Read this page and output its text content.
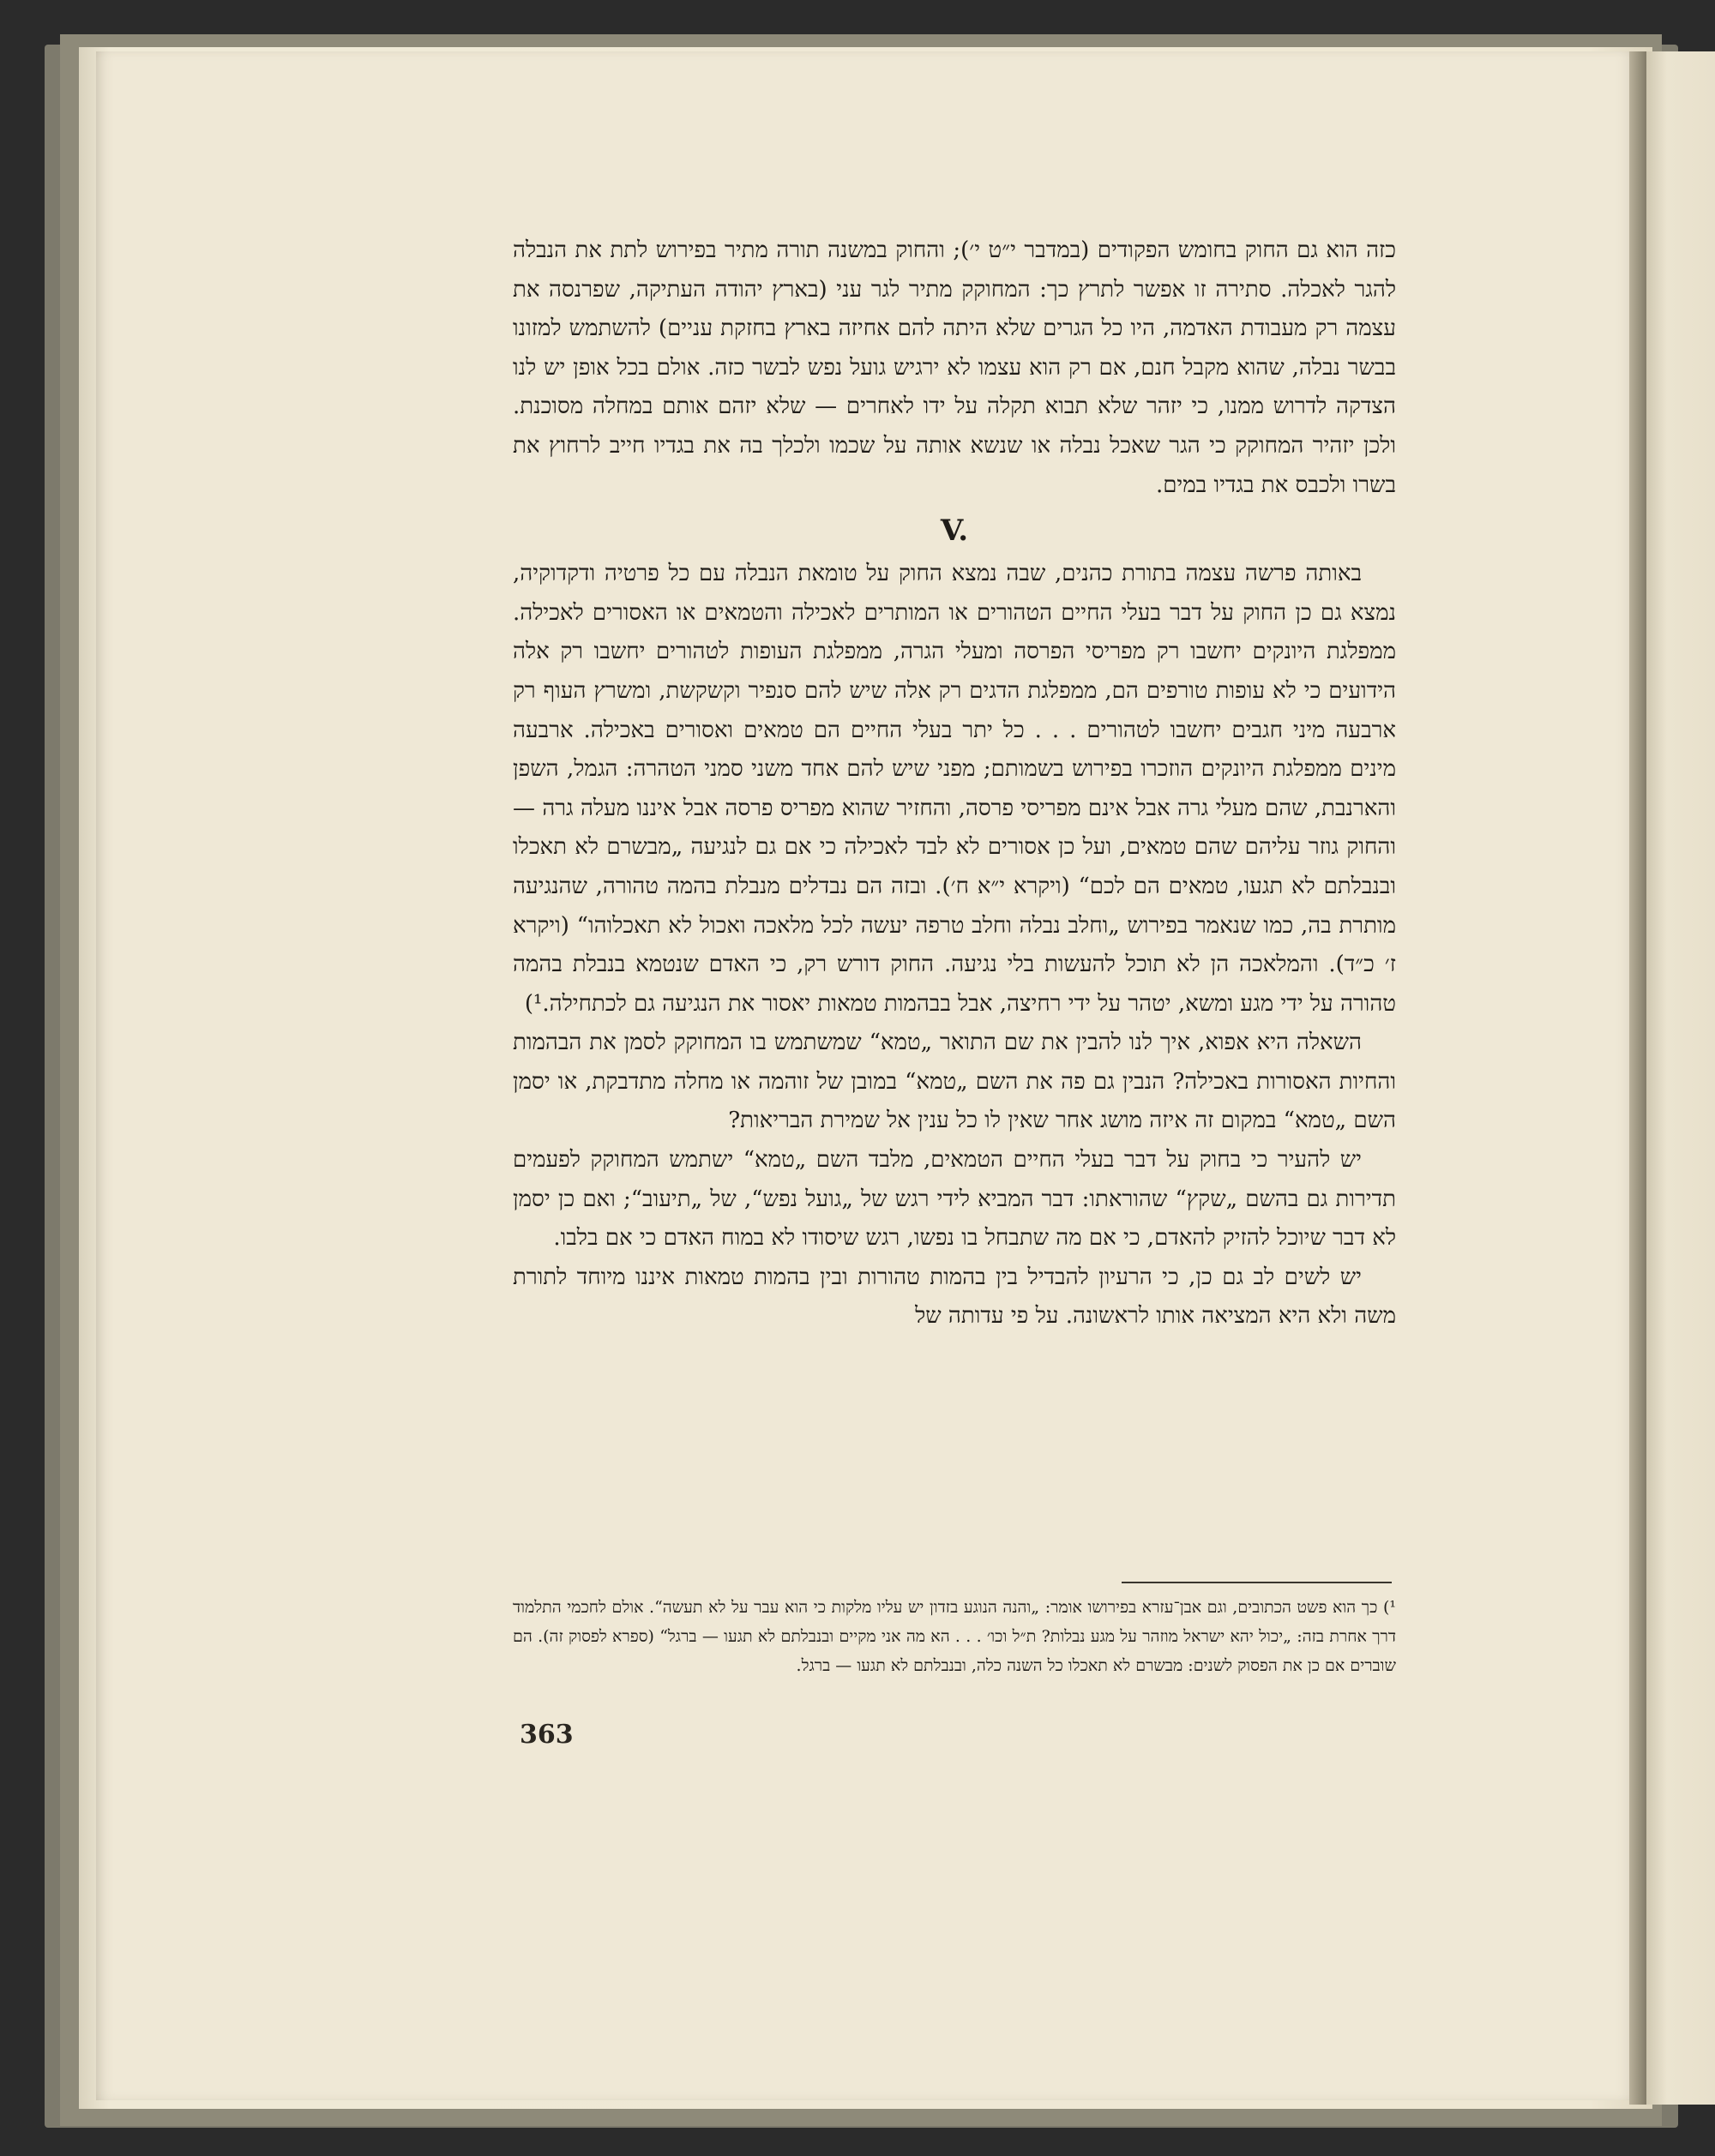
כזה הוא גם החוק בחומש הפקודים (במדבר י״ט י׳); והחוק במשנה תורה מתיר בפירוש לתת את הנבלה להגר לאכלה. סתירה זו אפשר לתרץ כך: המחוקק מתיר לגר עני (בארץ יהודה העתיקה, שפרנסה את עצמה רק מעבודת האדמה, היו כל הגרים שלא היתה להם אחיזה בארץ בחזקת עניים) להשתמש למזונו בבשר נבלה, שהוא מקבל חנם, אם רק הוא עצמו לא ירגיש גועל נפש לבשר כזה. אולם בכל אופן יש לנו הצדקה לדרוש ממנו, כי יזהר שלא תבוא תקלה על ידו לאחרים — שלא יזהם אותם במחלה מסוכנת. ולכן יזהיר המחוקק כי הגר שאכל נבלה או שנשא אותה על שכמו ולכלך בה את בגדיו חייב לרחוץ את בשרו ולכבס את בגדיו במים.

V.

באותה פרשה עצמה בתורת כהנים, שבה נמצא החוק על טומאת הנבלה עם כל פרטיה ודקדוקיה, נמצא גם כן החוק על דבר בעלי החיים הטהורים או המותרים לאכילה והטמאים או האסורים לאכילה. ממפלגת היונקים יחשבו רק מפריסי הפרסה ומעלי הגרה, ממפלגת העופות לטהורים יחשבו רק אלה הידועים כי לא עופות טורפים הם, ממפלגת הדגים רק אלה שיש להם סנפיר וקשקשת, ומשרץ העוף רק ארבעה מיני חגבים יחשבו לטהורים . . . כל יתר בעלי החיים הם טמאים ואסורים באכילה. ארבעה מינים ממפלגת היונקים הוזכרו בפירוש בשמותם; מפני שיש להם אחד משני סמני הטהרה: הגמל, השפן והארנבת, שהם מעלי גרה אבל אינם מפריסי פרסה, והחזיר שהוא מפריס פרסה אבל איננו מעלה גרה — והחוק גוזר עליהם שהם טמאים, ועל כן אסורים לא לבד לאכילה כי אם גם לנגיעה „מבשרם לא תאכלו ובנבלתם לא תגעו, טמאים הם לכם“ (ויקרא י״א ח׳). ובזה הם נבדלים מנבלת בהמה טהורה, שהנגיעה מותרת בה, כמו שנאמר בפירוש „וחלב נבלה וחלב טרפה יעשה לכל מלאכה ואכול לא תאכלוהו“ (ויקרא ז׳ כ״ד). והמלאכה הן לא תוכל להעשות בלי נגיעה. החוק דורש רק, כי האדם שנטמא בנבלת בהמה טהורה על ידי מגע ומשא, יטהר על ידי רחיצה, אבל בבהמות טמאות יאסור את הנגיעה גם לכתחילה.¹)

השאלה היא אפוא, איך לנו להבין את שם התואר „טמא“ שמשתמש בו המחוקק לסמן את הבהמות והחיות האסורות באכילה? הנבין גם פה את השם „טמא“ במובן של זוהמה או מחלה מתדבקת, או יסמן השם „טמא“ במקום זה איזה מושג אחר שאין לו כל ענין אל שמירת הבריאות?

יש להעיר כי בחוק על דבר בעלי החיים הטמאים, מלבד השם „טמא“ ישתמש המחוקק לפעמים תדירות גם בהשם „שקץ“ שהוראתו: דבר המביא לידי רגש של „גועל נפש“, של „תיעוב“; ואם כן יסמן לא דבר שיוכל להזיק להאדם, כי אם מה שתבחל בו נפשו, רגש שיסודו לא במוח האדם כי אם בלבו.

יש לשים לב גם כן, כי הרעיון להבדיל בין בהמות טהורות ובין בהמות טמאות איננו מיוחד לתורת משה ולא היא המציאה אותו לראשונה. על פי עדותה של

¹) כך הוא פשט הכתובים, וגם אבן־עזרא בפירושו אומר: „והנה הנוגע בזדון יש עליו מלקות כי הוא עבר על לא תעשה“. אולם לחכמי התלמוד דרך אחרת בזה: „יכול יהא ישראל מוזהר על מגע נבלות? ת״ל וכו׳ . . . הא מה אני מקיים ובנבלתם לא תגעו — ברגל“ (ספרא לפסוק זה). הם שוברים אם כן את הפסוק לשנים: מבשרם לא תאכלו כל השנה כלה, ובנבלתם לא תגעו — ברגל.

363
